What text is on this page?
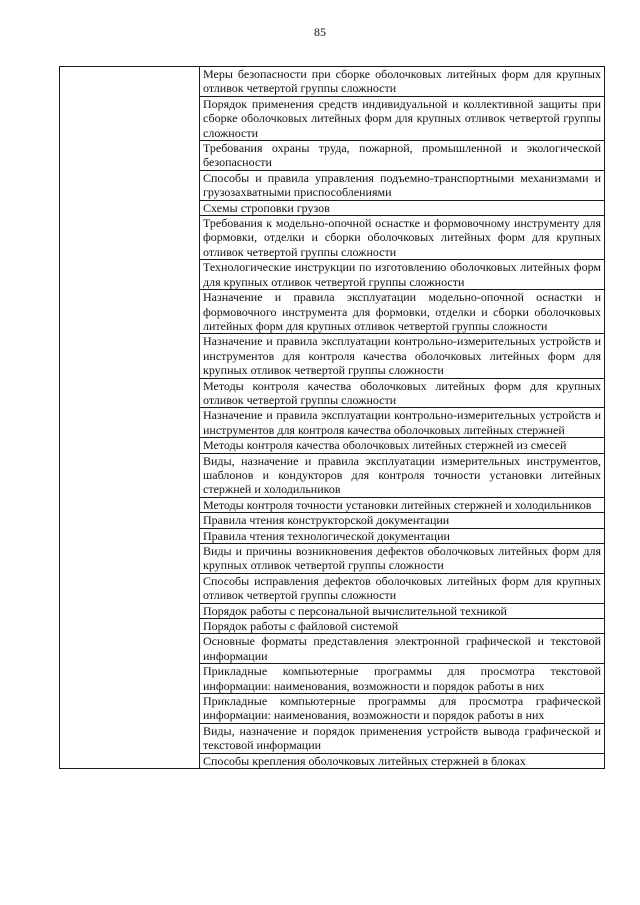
85
	Меры безопасности при сборке оболочковых литейных форм для крупных отливок четвертой группы сложности
Порядок применения средств индивидуальной и коллективной защиты при сборке оболочковых литейных форм для крупных отливок четвертой группы сложности
Требования охраны труда, пожарной, промышленной и экологической безопасности
Способы и правила управления подъемно-транспортными механизмами и грузозахватными приспособлениями
Схемы строповки грузов
Требования к модельно-опочной оснастке и формовочному инструменту для формовки, отделки и сборки оболочковых литейных форм для крупных отливок четвертой группы сложности
Технологические инструкции по изготовлению оболочковых литейных форм для крупных отливок четвертой группы сложности
Назначение и правила эксплуатации модельно-опочной оснастки и формовочного инструмента для формовки, отделки и сборки оболочковых литейных форм для крупных отливок четвертой группы сложности
Назначение и правила эксплуатации контрольно-измерительных устройств и инструментов для контроля качества оболочковых литейных форм для крупных отливок четвертой группы сложности
Методы контроля качества оболочковых литейных форм для крупных отливок четвертой группы сложности
Назначение и правила эксплуатации контрольно-измерительных устройств и инструментов для контроля качества оболочковых литейных стержней
Методы контроля качества оболочковых литейных стержней из смесей
Виды, назначение и правила эксплуатации измерительных инструментов, шаблонов и кондукторов для контроля точности установки литейных стержней и холодильников
Методы контроля точности установки литейных стержней и холодильников
Правила чтения конструкторской документации
Правила чтения технологической документации
Виды и причины возникновения дефектов оболочковых литейных форм для крупных отливок четвертой группы сложности
Способы исправления дефектов оболочковых литейных форм для крупных отливок четвертой группы сложности
Порядок работы с персональной вычислительной техникой
Порядок работы с файловой системой
Основные форматы представления электронной графической и текстовой информации
Прикладные компьютерные программы для просмотра текстовой информации: наименования, возможности и порядок работы в них
Прикладные компьютерные программы для просмотра графической информации: наименования, возможности и порядок работы в них
Виды, назначение и порядок применения устройств вывода графической и текстовой информации
Способы крепления оболочковых литейных стержней в блоках
